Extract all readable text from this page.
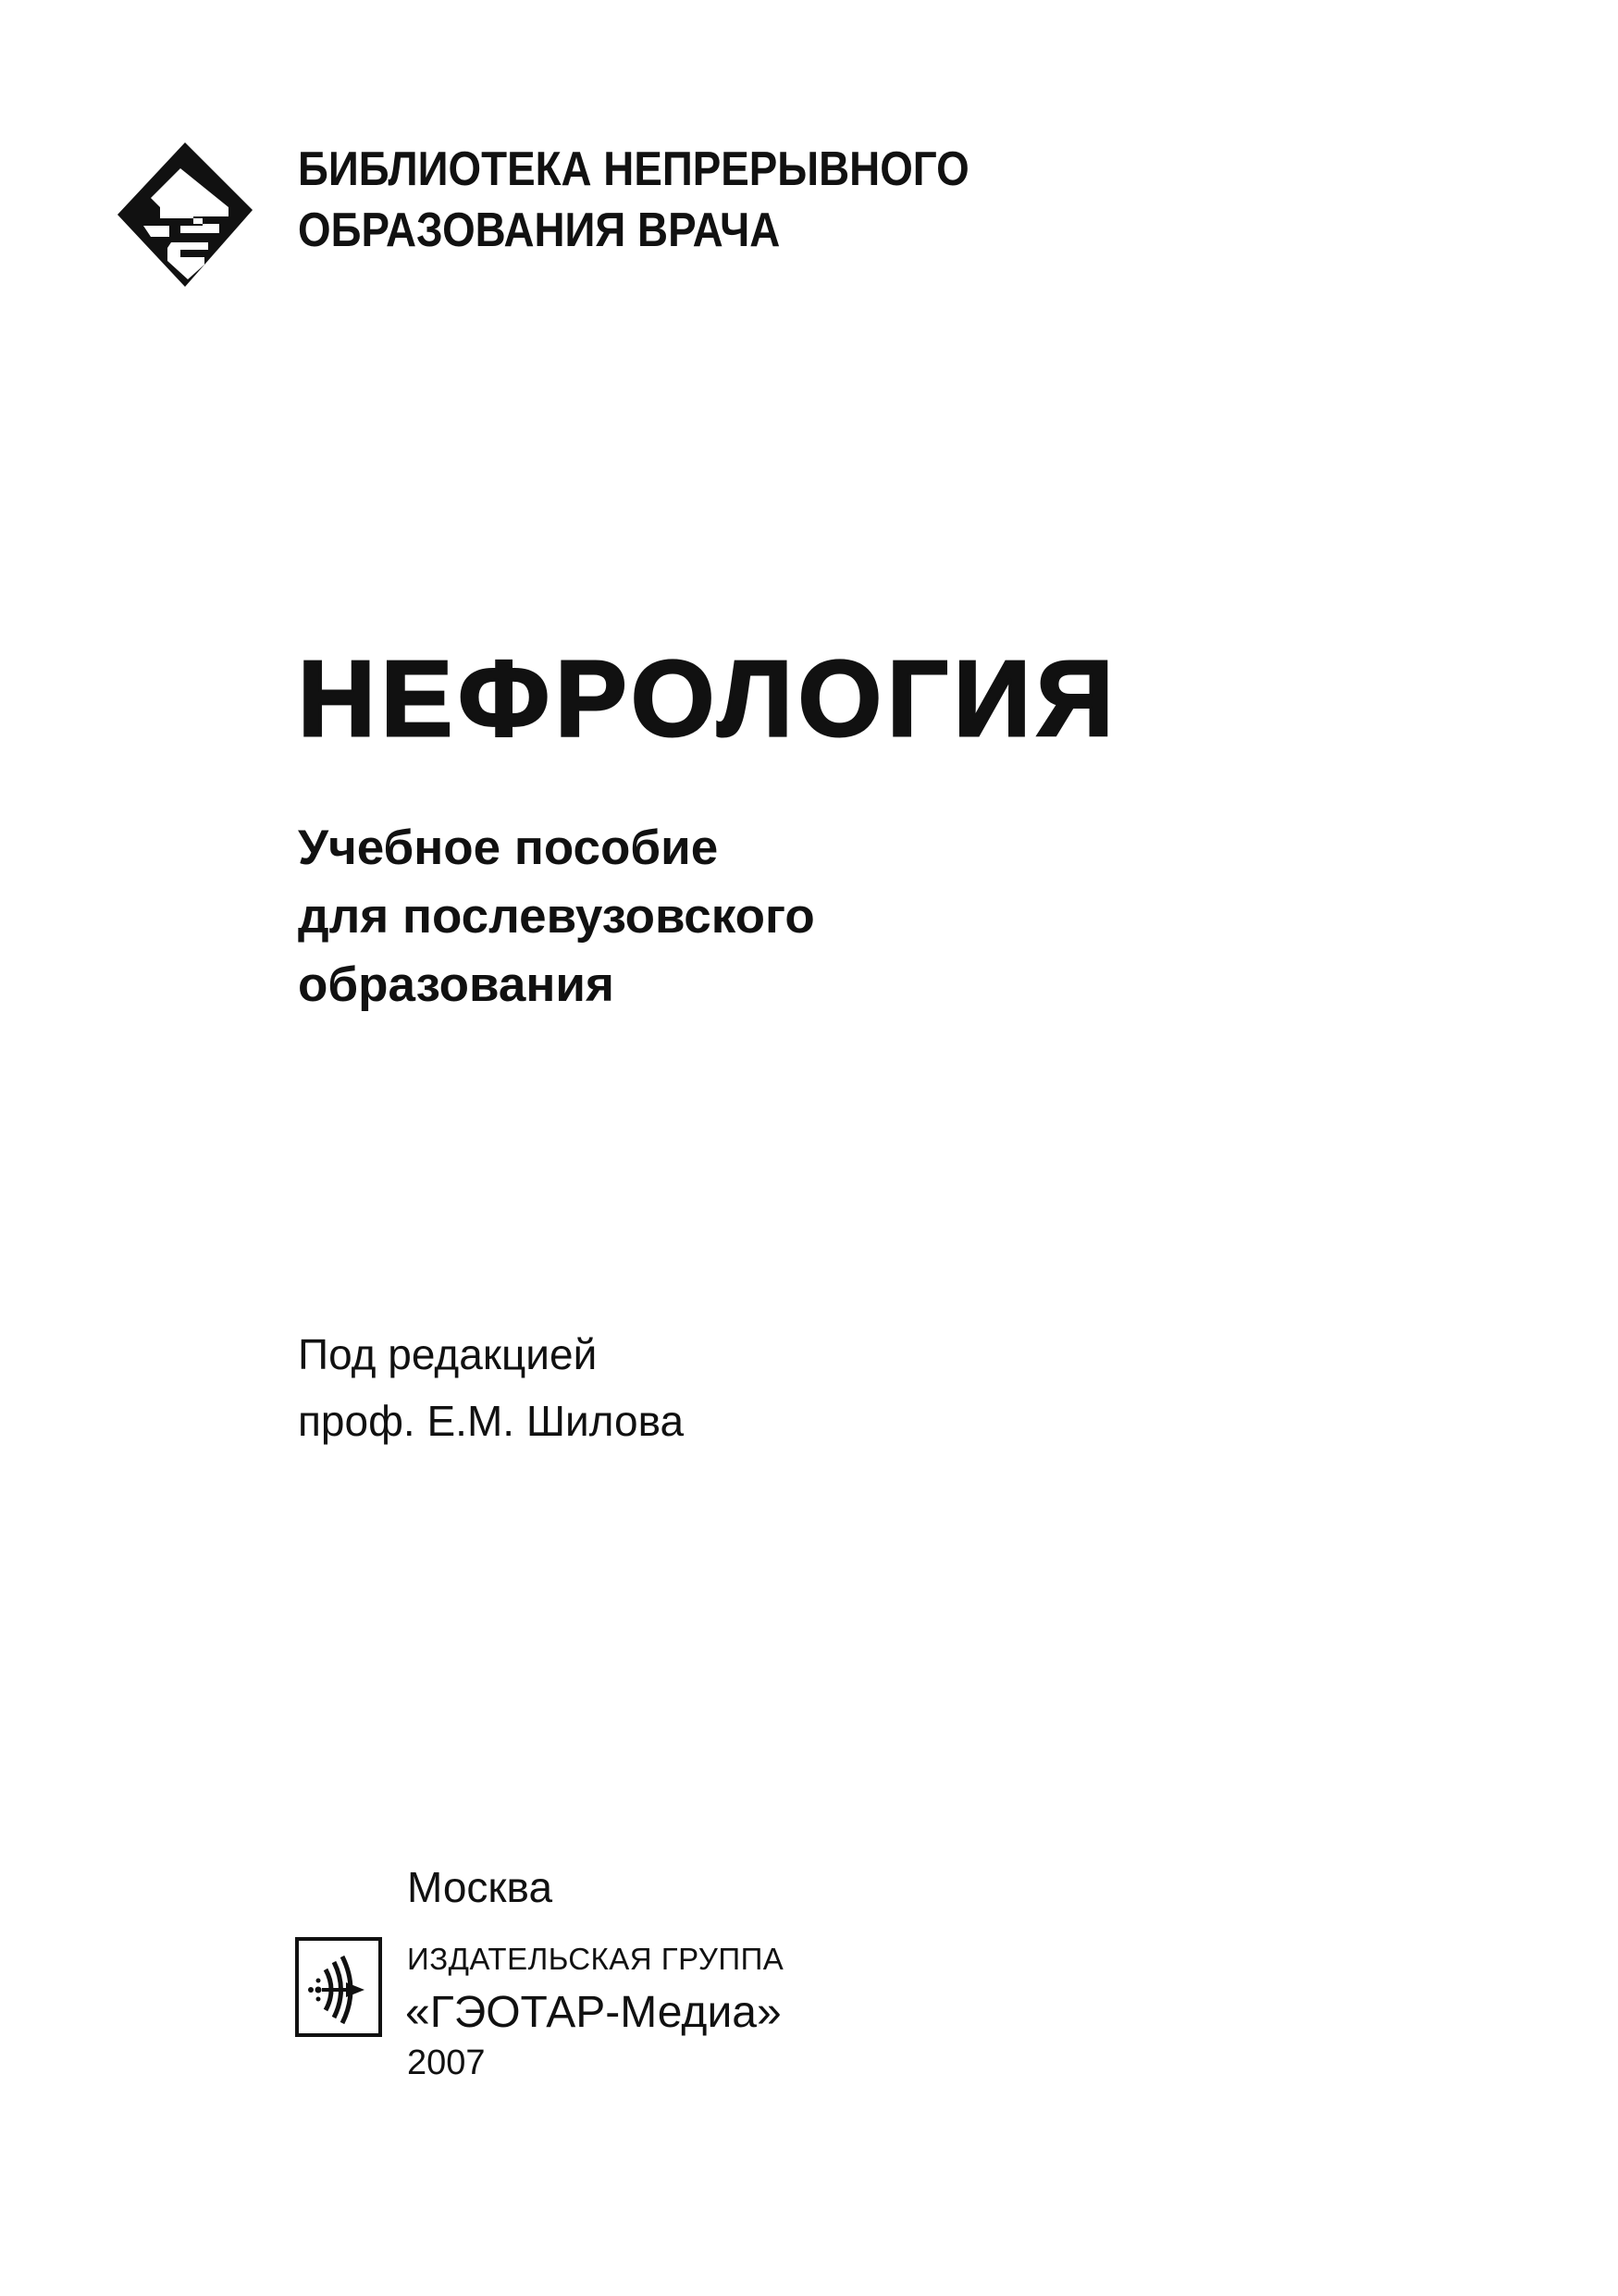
БИБЛИОТЕКА НЕПРЕРЫВНОГО
ОБРАЗОВАНИЯ ВРАЧА
НЕФРОЛОГИЯ
Учебное пособие
для послевузовского
образования
Под редакцией
проф. Е.М. Шилова
Москва
ИЗДАТЕЛЬСКАЯ ГРУППА
«ГЭОТАР-Медиа»
2007
